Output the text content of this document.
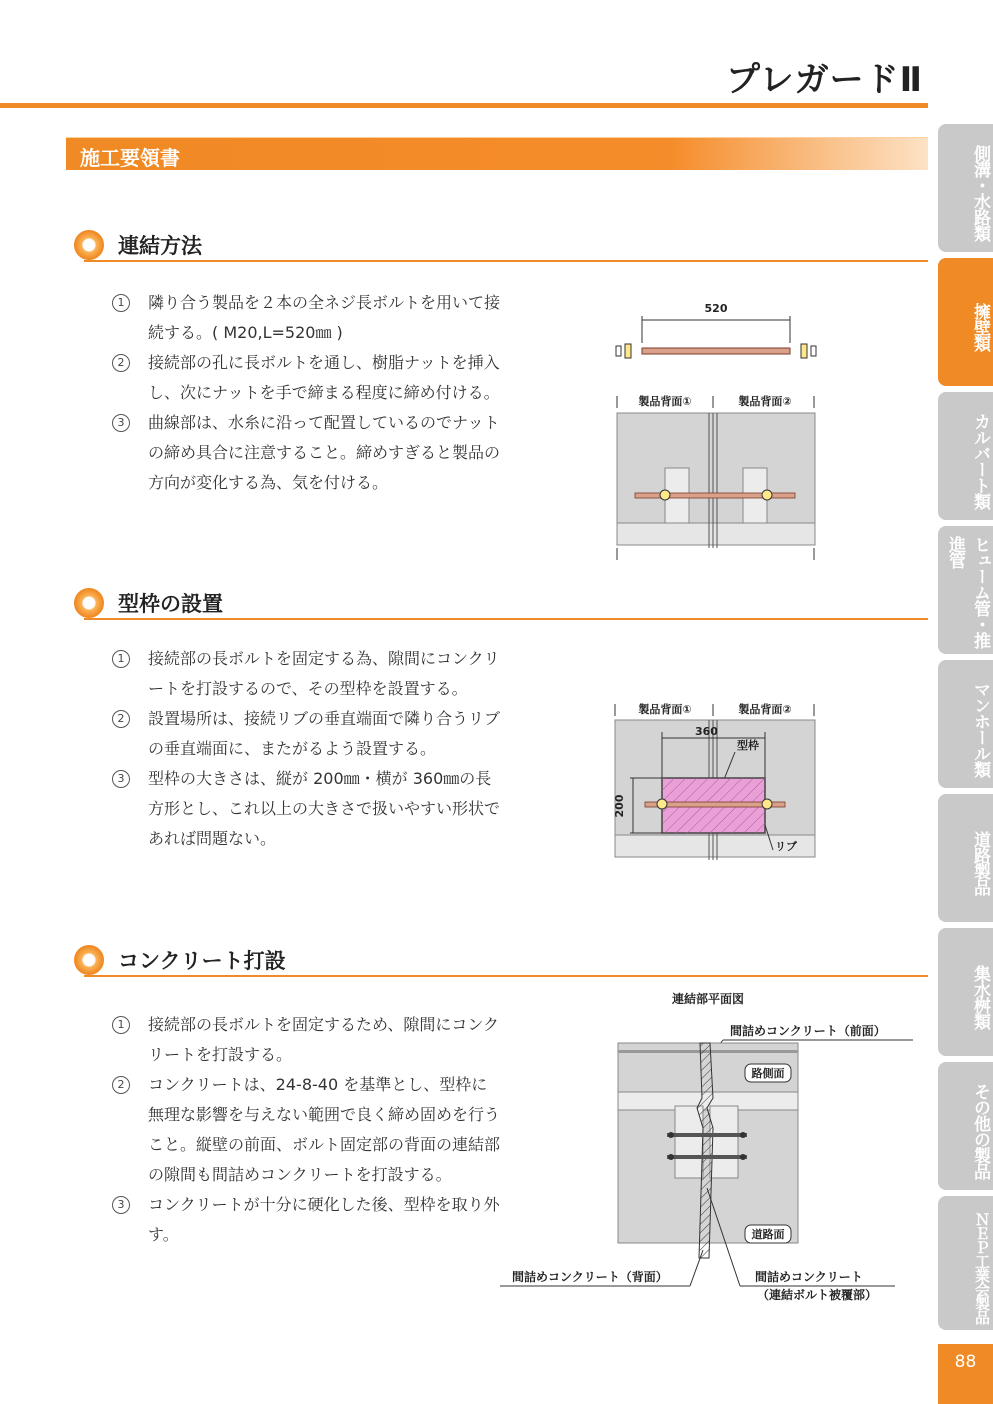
プレガードⅡ
施工要領書
連結方法
1	隣り合う製品を２本の全ネジ長ボルトを用いて接続する。( M20,L=520㎜ )
2	接続部の孔に長ボルトを通し、樹脂ナットを挿入し、次にナットを手で締まる程度に締め付ける。
3	曲線部は、水糸に沿って配置しているのでナットの締め具合に注意すること。締めすぎると製品の方向が変化する為、気を付ける。
520
製品背面①	製品背面②
型枠の設置
1	接続部の長ボルトを固定する為、隙間にコンクリートを打設するので、その型枠を設置する。
2	設置場所は、接続リブの垂直端面で隣り合うリブの垂直端面に、またがるよう設置する。
3	型枠の大きさは、縦が 200㎜・横が 360㎜の長方形とし、これ以上の大きさで扱いやすい形状であれば問題ない。
製品背面①	製品背面②
360
型枠
200
リブ
コンクリート打設
1	接続部の長ボルトを固定するため、隙間にコンクリートを打設する。
2	コンクリートは、24-8-40 を基準とし、型枠に無理な影響を与えない範囲で良く締め固めを行うこと。縦壁の前面、ボルト固定部の背面の連結部の隙間も間詰めコンクリートを打設する。
3	コンクリートが十分に硬化した後、型枠を取り外す。
連結部平面図
間詰めコンクリート（前面）
路側面
道路面
間詰めコンクリート（背面）	間詰めコンクリート
（連結ボルト被覆部）
側溝・水路類
擁壁類
カルバート類
ヒューム管・推進管
マンホール類
道路製品
集水桝類
その他の製品
ＮＥＰ工業会製品
88
